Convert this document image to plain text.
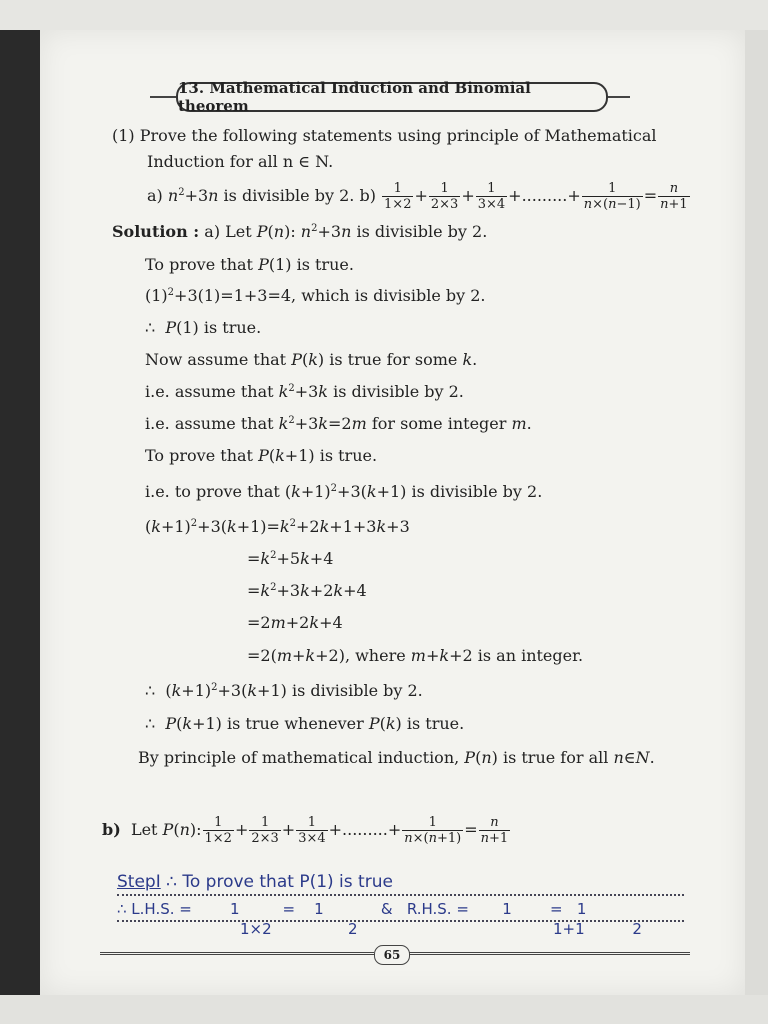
13. Mathematical Induction and Binomial theorem
(1) Prove the following statements using principle of Mathematical
Induction for all n ∈ N.
a) $n^2+3n$ is divisible by 2. $b) \frac{1}{1\times 2} + \frac{1}{2\times 3} + \frac{1}{3\times 4}$ +.........+ $\frac{1}{n\times(n-1)} = \frac{n}{n+1}$
Solution : a) Let P(n): $n^2+3n$ is divisible by 2.
To prove that P(1) is true.
$(1)^2+3(1)=1+3=4$, which is divisible by 2.
∴  P(1) is true.
Now assume that P(k) is true for some k.
i.e. assume that $k^2+3k$ is divisible by 2.
i.e. assume that $k^2+3k=2m$ for some integer m.
To prove that P(k+1) is true.
i.e. to prove that $(k+1)^2+3(k+1)$ is divisible by 2.
$(k+1)^2+3(k+1)=k^2+2k+1+3k+3$
$=k^2+5k+4$
$=k^2+3k+2k+4$
=2m+2k+4
=2(m+k+2), where m+k+2 is an integer.
∴  $(k+1)^2+3(k+1)$ is divisible by 2.
∴  P(k+1) is true whenever P(k) is true.
By principle of mathematical induction, P(n) is true for all n∈N.
b)  Let P(n): $\frac{1}{1\times 2} + \frac{1}{2\times 3} + \frac{1}{3\times 4}$ +.........+ $\frac{1}{n\times(n+1)} = \frac{n}{n+1}$
StepI ∴ To prove that P(1) is true
∴ L.H.S. =        1         =    1            &   R.H.S. =       1        =   1
1×2                2                                         1+1          2
65
